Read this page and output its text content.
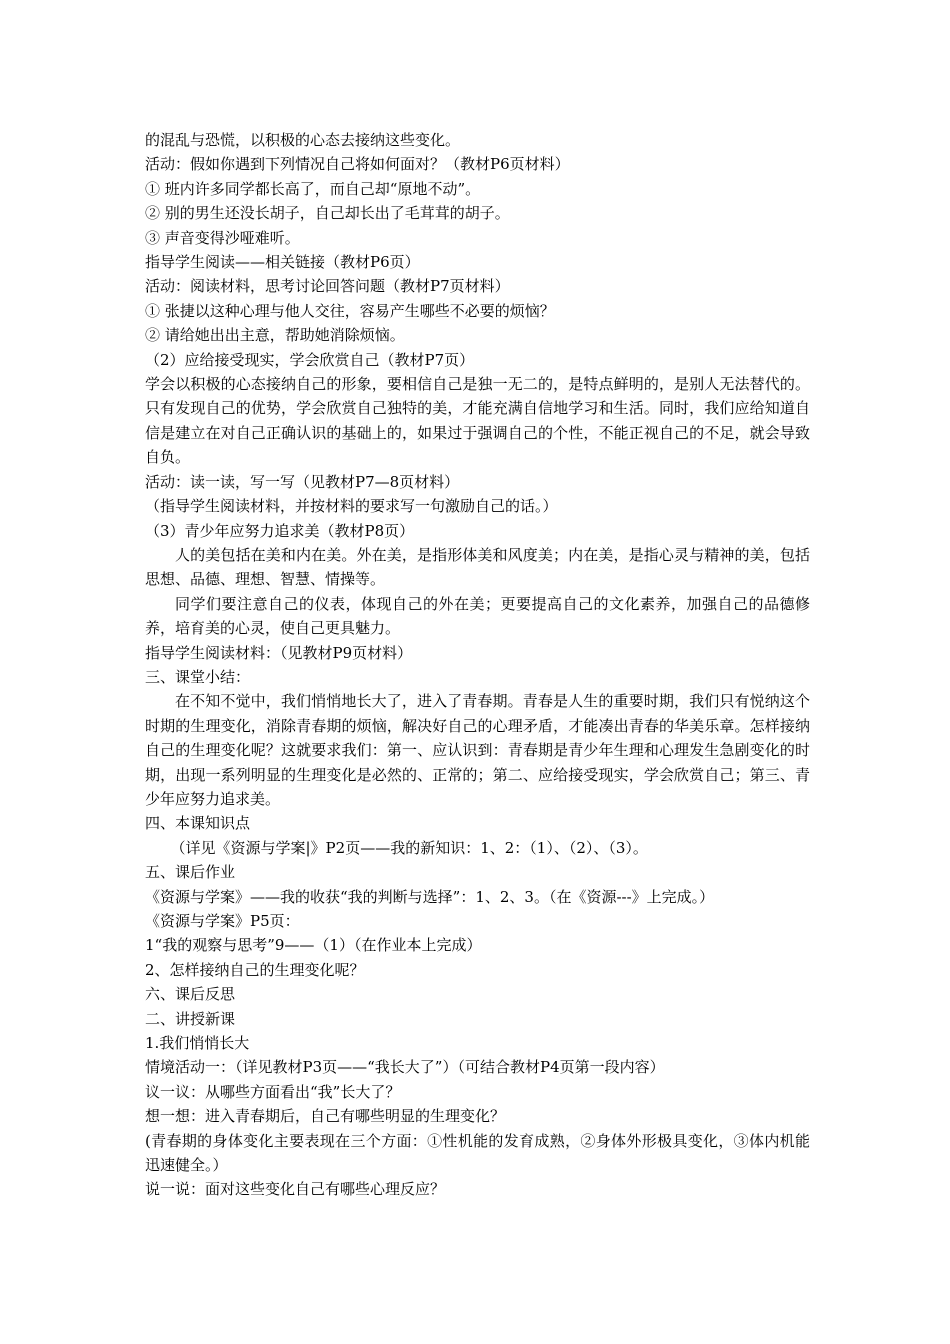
的混乱与恐慌，以积极的心态去接纳这些变化。

活动：假如你遇到下列情况自己将如何面对？（教材P6页材料）

① 班内许多同学都长高了，而自己却“原地不动”。

② 别的男生还没长胡子，自己却长出了毛茸茸的胡子。

③ 声音变得沙哑难听。

指导学生阅读——相关链接（教材P6页）

活动：阅读材料，思考讨论回答问题（教材P7页材料）

① 张捷以这种心理与他人交往，容易产生哪些不必要的烦恼？

② 请给她出出主意，帮助她消除烦恼。

（2）应给接受现实，学会欣赏自己（教材P7页）

学会以积极的心态接纳自己的形象，要相信自己是独一无二的，是特点鲜明的，是别人无法替代的。只有发现自己的优势，学会欣赏自己独特的美，才能充满自信地学习和生活。同时，我们应给知道自信是建立在对自己正确认识的基础上的，如果过于强调自己的个性，不能正视自己的不足，就会导致自负。

活动：读一读，写一写（见教材P7—8页材料）

（指导学生阅读材料，并按材料的要求写一句激励自己的话。）

（3）青少年应努力追求美（教材P8页）

人的美包括在美和内在美。外在美，是指形体美和风度美；内在美，是指心灵与精神的美，包括思想、品德、理想、智慧、情操等。

同学们要注意自己的仪表，体现自己的外在美；更要提高自己的文化素养，加强自己的品德修养，培育美的心灵，使自己更具魅力。

指导学生阅读材料：（见教材P9页材料）

三、课堂小结：

在不知不觉中，我们悄悄地长大了，进入了青春期。青春是人生的重要时期，我们只有悦纳这个时期的生理变化，消除青春期的烦恼，解决好自己的心理矛盾，才能凑出青春的华美乐章。怎样接纳自己的生理变化呢？这就要求我们：第一、应认识到：青春期是青少年生理和心理发生急剧变化的时期，出现一系列明显的生理变化是必然的、正常的；第二、应给接受现实，学会欣赏自己；第三、青少年应努力追求美。

四、本课知识点

（详见《资源与学案|》P2页——我的新知识：1、2：（1）、（2）、（3）。

五、课后作业

《资源与学案》——我的收获“我的判断与选择”：1、2、3。（在《资源---》上完成。）

《资源与学案》P5页：

1“我的观察与思考”9——（1）（在作业本上完成）

2、怎样接纳自己的生理变化呢？

六、课后反思

二、讲授新课

1.我们悄悄长大

情境活动一：（详见教材P3页——“我长大了”）（可结合教材P4页第一段内容）

议一议：从哪些方面看出“我”长大了？

想一想：进入青春期后，自己有哪些明显的生理变化？

(青春期的身体变化主要表现在三个方面：①性机能的发育成熟，②身体外形极具变化，③体内机能迅速健全。）

说一说：面对这些变化自己有哪些心理反应？
